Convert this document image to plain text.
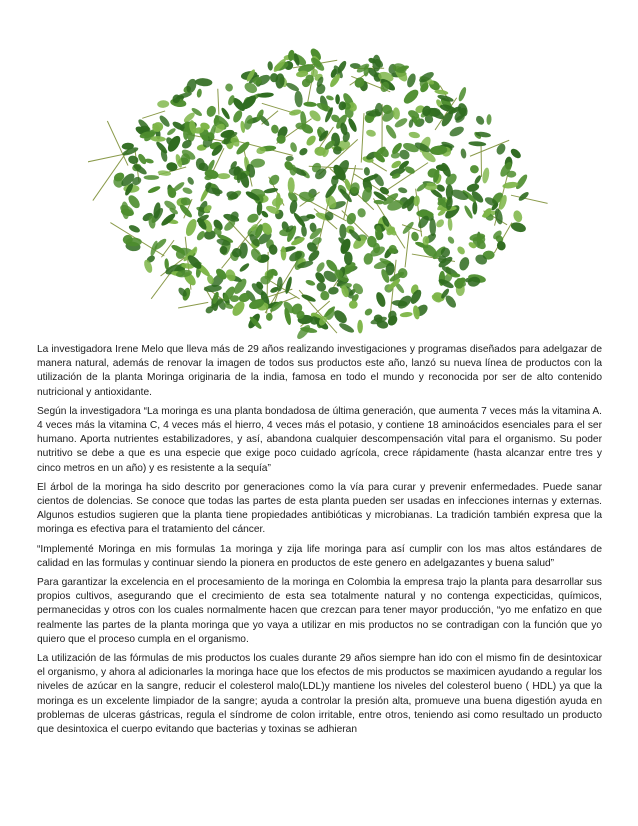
La investigadora Irene Melo que lleva más de 29 años realizando investigaciones y programas diseñados para adelgazar de manera natural, además de renovar la imagen de todos sus productos este año, lanzó su nueva línea de productos con la utilización de la planta Moringa originaria de la india, famosa en todo el mundo y reconocida por ser de alto contenido nutricional y antioxidante.

Según la investigadora “La moringa es una planta bondadosa de última generación, que aumenta 7 veces más la vitamina A. 4 veces más la vitamina C, 4 veces más el hierro, 4 veces más el potasio, y contiene 18 aminoácidos esenciales para el ser humano. Aporta nutrientes estabilizadores, y así, abandona cualquier descompensación vital para el organismo. Su poder nutritivo se debe a que es una especie que exige poco cuidado agrícola, crece rápidamente (hasta alcanzar entre tres y cinco metros en un año) y es resistente a la sequía”

El árbol de la moringa ha sido descrito por generaciones como la vía para curar y prevenir enfermedades. Puede sanar cientos de dolencias. Se conoce que todas las partes de esta planta pueden ser usadas en infecciones internas y externas. Algunos estudios sugieren que la planta tiene propiedades antibióticas y microbianas. La tradición también expresa que la moringa es efectiva para el tratamiento del cáncer.

“Implementé Moringa en mis formulas 1a moringa y zija life moringa para así cumplir con los mas altos estándares de calidad en las formulas y continuar siendo la pionera en productos de este genero en adelgazantes y buena salud”

Para garantizar la excelencia en el procesamiento de la moringa en Colombia la empresa trajo la planta para desarrollar sus propios cultivos, asegurando que el crecimiento de esta sea totalmente natural y no contenga expecticidas, químicos, permanecidas y otros con los cuales normalmente hacen que crezcan para tener mayor producción, “yo me enfatizo en que realmente las partes de la planta moringa que yo vaya a utilizar en mis productos no se contradigan con la función que yo quiero que el proceso cumpla en el organismo.

La utilización de las fórmulas de mis productos los cuales durante 29 años siempre han ido con el mismo fin de desintoxicar el organismo, y ahora al adicionarles la moringa hace que los efectos de mis productos se maximicen ayudando a regular los niveles de azúcar en la sangre, reducir el colesterol malo(LDL)y mantiene los niveles del colesterol bueno ( HDL) ya que la moringa es un excelente limpiador de la sangre; ayuda a controlar la presión alta, promueve una buena digestión ayuda en problemas de ulceras gástricas, regula el síndrome de colon irritable, entre otros, teniendo asi como resultado un producto que desintoxica el cuerpo evitando que bacterias y toxinas se adhieran
